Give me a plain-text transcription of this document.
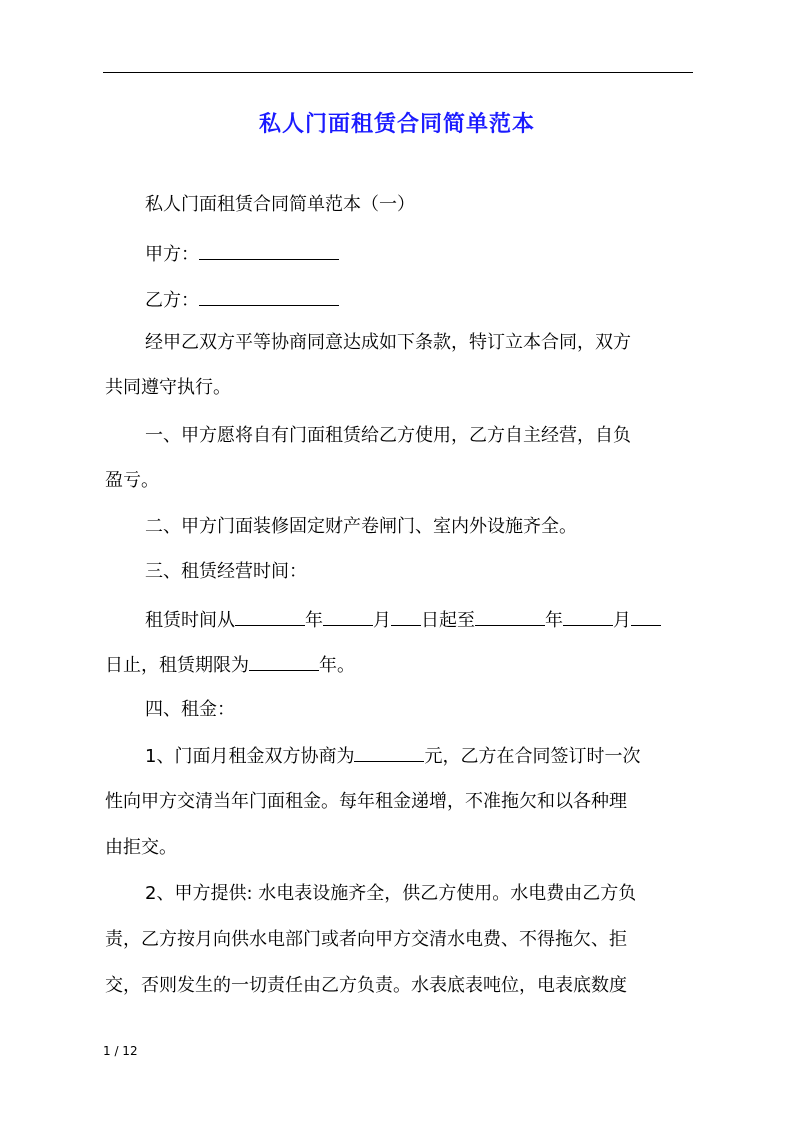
私人门面租赁合同简单范本
私人门面租赁合同简单范本（一）
甲方：
乙方：
经甲乙双方平等协商同意达成如下条款，特订立本合同，双方
共同遵守执行。
一、甲方愿将自有门面租赁给乙方使用，乙方自主经营，自负
盈亏。
二、甲方门面装修固定财产卷闸门、室内外设施齐全。
三、租赁经营时间：
租赁时间从	年	月 日起至	年	月
日止，租赁期限为	年。
四、租金：
1、门面月租金双方协商为	元，乙方在合同签订时一次
性向甲方交清当年门面租金。每年租金递增，不准拖欠和以各种理
由拒交。
2、甲方提供: 水电表设施齐全，供乙方使用。水电费由乙方负
责，乙方按月向供水电部门或者向甲方交清水电费、不得拖欠、拒
交，否则发生的一切责任由乙方负责。水表底表吨位，电表底数度
1 / 12
